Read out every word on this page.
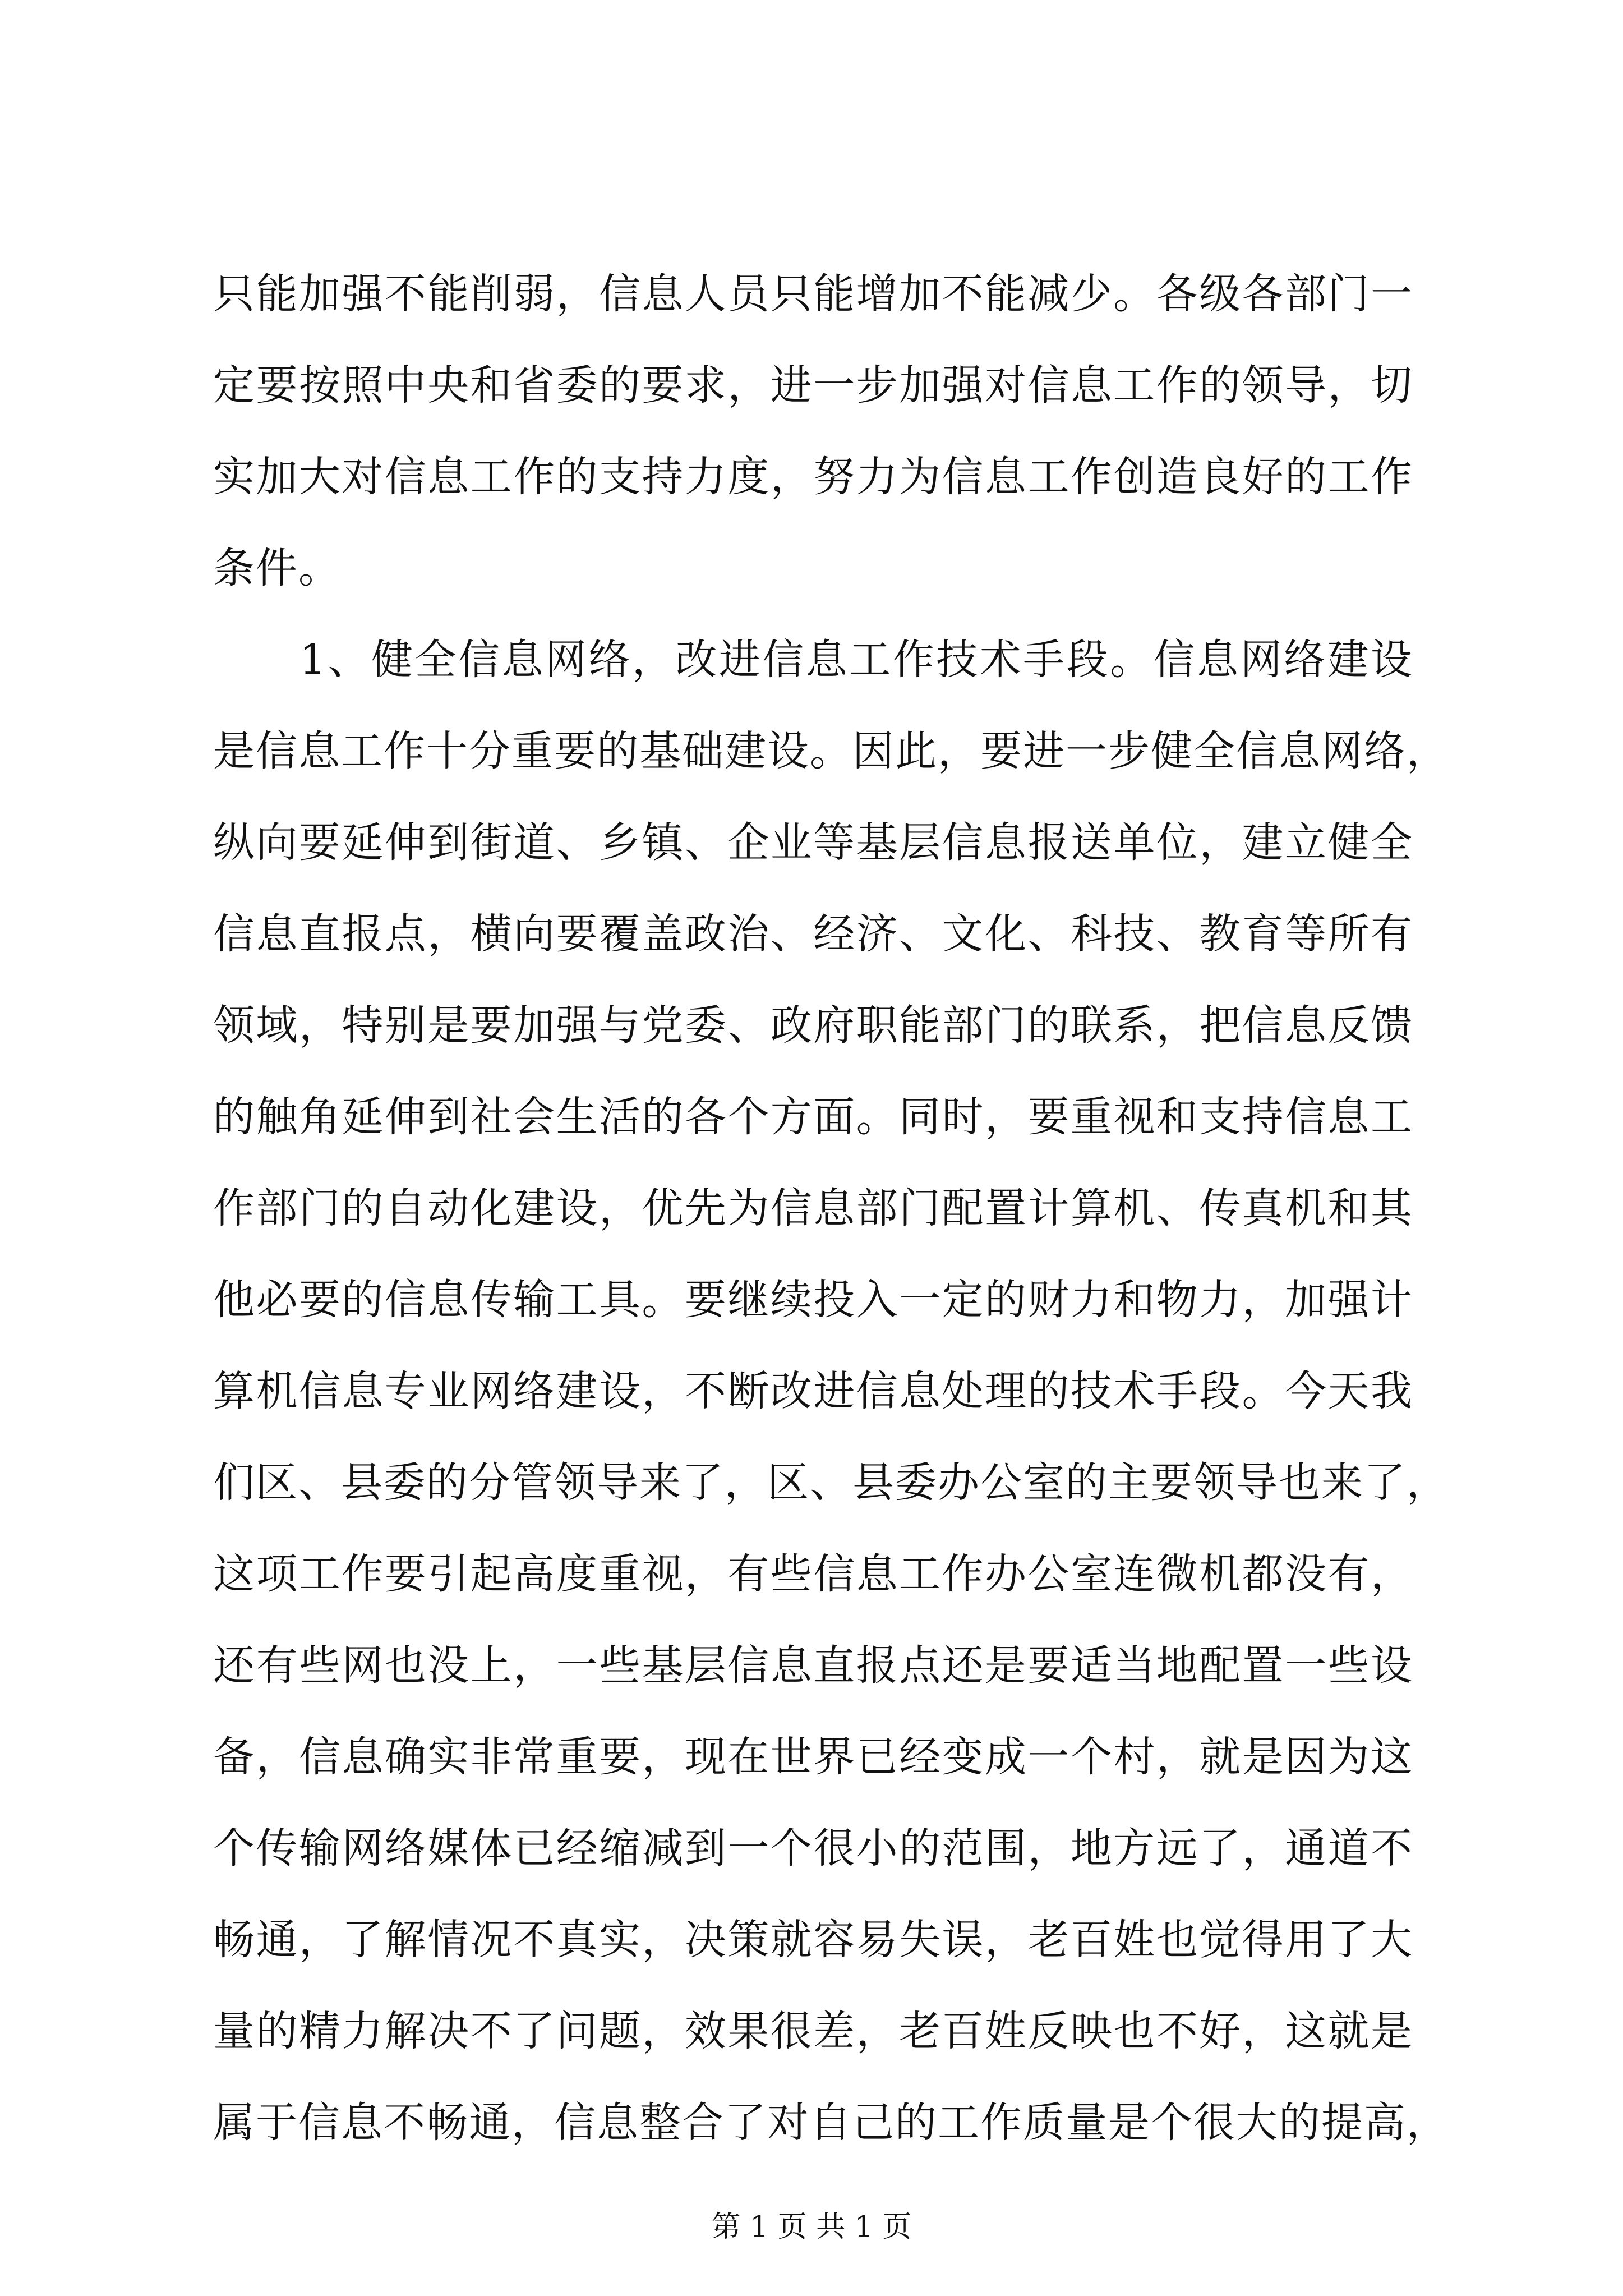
只能加强不能削弱，信息人员只能增加不能减少。各级各部门一
定要按照中央和省委的要求，进一步加强对信息工作的领导，切
实加大对信息工作的支持力度，努力为信息工作创造良好的工作
条件。
1、健全信息网络，改进信息工作技术手段。信息网络建设
是信息工作十分重要的基础建设。因此，要进一步健全信息网络，
纵向要延伸到街道、乡镇、企业等基层信息报送单位，建立健全
信息直报点，横向要覆盖政治、经济、文化、科技、教育等所有
领域，特别是要加强与党委、政府职能部门的联系，把信息反馈
的触角延伸到社会生活的各个方面。同时，要重视和支持信息工
作部门的自动化建设，优先为信息部门配置计算机、传真机和其
他必要的信息传输工具。要继续投入一定的财力和物力，加强计
算机信息专业网络建设，不断改进信息处理的技术手段。今天我
们区、县委的分管领导来了，区、县委办公室的主要领导也来了，
这项工作要引起高度重视，有些信息工作办公室连微机都没有，
还有些网也没上，一些基层信息直报点还是要适当地配置一些设
备，信息确实非常重要，现在世界已经变成一个村，就是因为这
个传输网络媒体已经缩减到一个很小的范围，地方远了，通道不
畅通，了解情况不真实，决策就容易失误，老百姓也觉得用了大
量的精力解决不了问题，效果很差，老百姓反映也不好，这就是
属于信息不畅通，信息整合了对自己的工作质量是个很大的提高，
第 1 页 共 1 页
